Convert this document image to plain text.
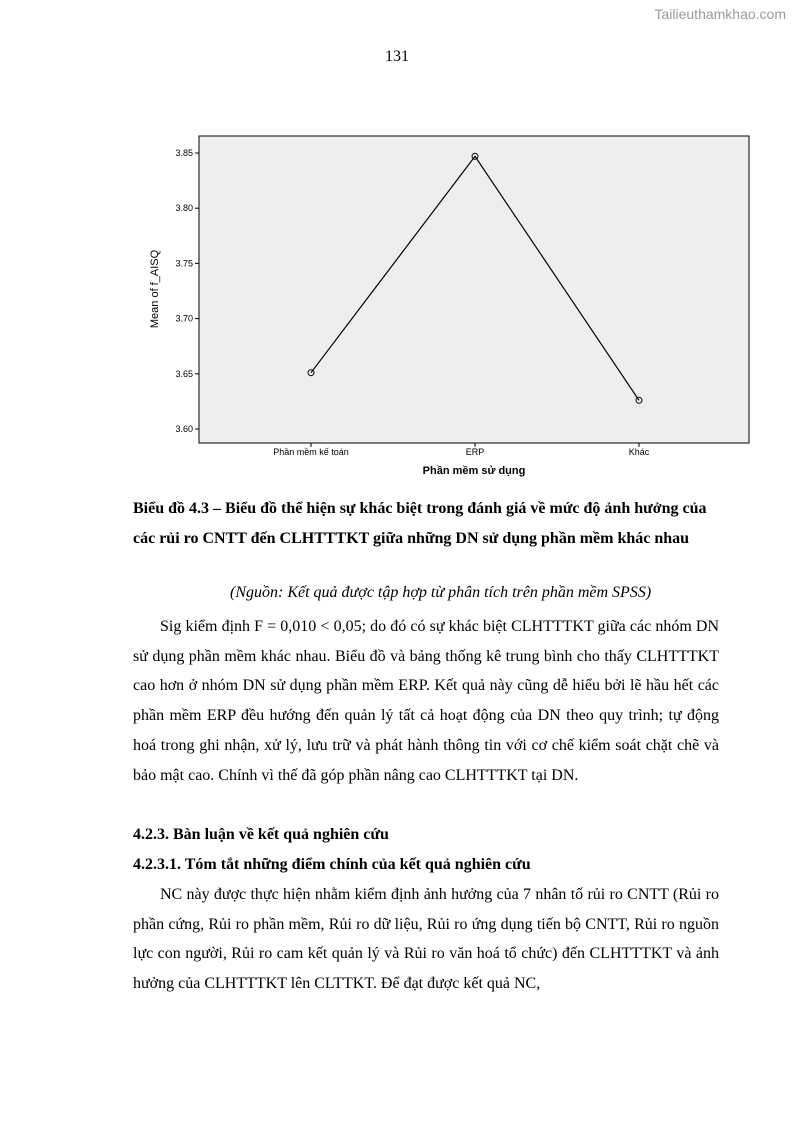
Tailieuthamkhao.com
131
3.60
3.65
3.70
3.75
3.80
3.85
Phần mềm kế toán	ERP	Khác
Phần mềm sử dụng
Mean of f_AISQ

Biểu đồ 4.3 – Biểu đồ thể hiện sự khác biệt trong đánh giá về mức độ ảnh hưởng của các rủi ro CNTT đến CLHTTTKT giữa những DN sử dụng phần mềm khác nhau

(Nguồn: Kết quả được tập hợp từ phân tích trên phần mềm SPSS)

Sig kiểm định F = 0,010 < 0,05; do đó có sự khác biệt CLHTTTKT giữa các nhóm DN sử dụng phần mềm khác nhau. Biểu đồ và bảng thống kê trung bình cho thấy CLHTTTKT cao hơn ở nhóm DN sử dụng phần mềm ERP. Kết quả này cũng dễ hiểu bởi lẽ hầu hết các phần mềm ERP đều hướng đến quản lý tất cả hoạt động của DN theo quy trình; tự động hoá trong ghi nhận, xử lý, lưu trữ và phát hành thông tin với cơ chế kiểm soát chặt chẽ và bảo mật cao. Chính vì thế đã góp phần nâng cao CLHTTTKT tại DN.

4.2.3. Bàn luận về kết quả nghiên cứu

4.2.3.1. Tóm tắt những điểm chính của kết quả nghiên cứu

NC này được thực hiện nhằm kiểm định ảnh hưởng của 7 nhân tố rủi ro CNTT (Rủi ro phần cứng, Rủi ro phần mềm, Rủi ro dữ liệu, Rủi ro ứng dụng tiến bộ CNTT, Rủi ro nguồn lực con người, Rủi ro cam kết quản lý và Rủi ro văn hoá tổ chức) đến CLHTTTKT và ảnh hưởng của CLHTTTKT lên CLTTKT. Để đạt được kết quả NC,
